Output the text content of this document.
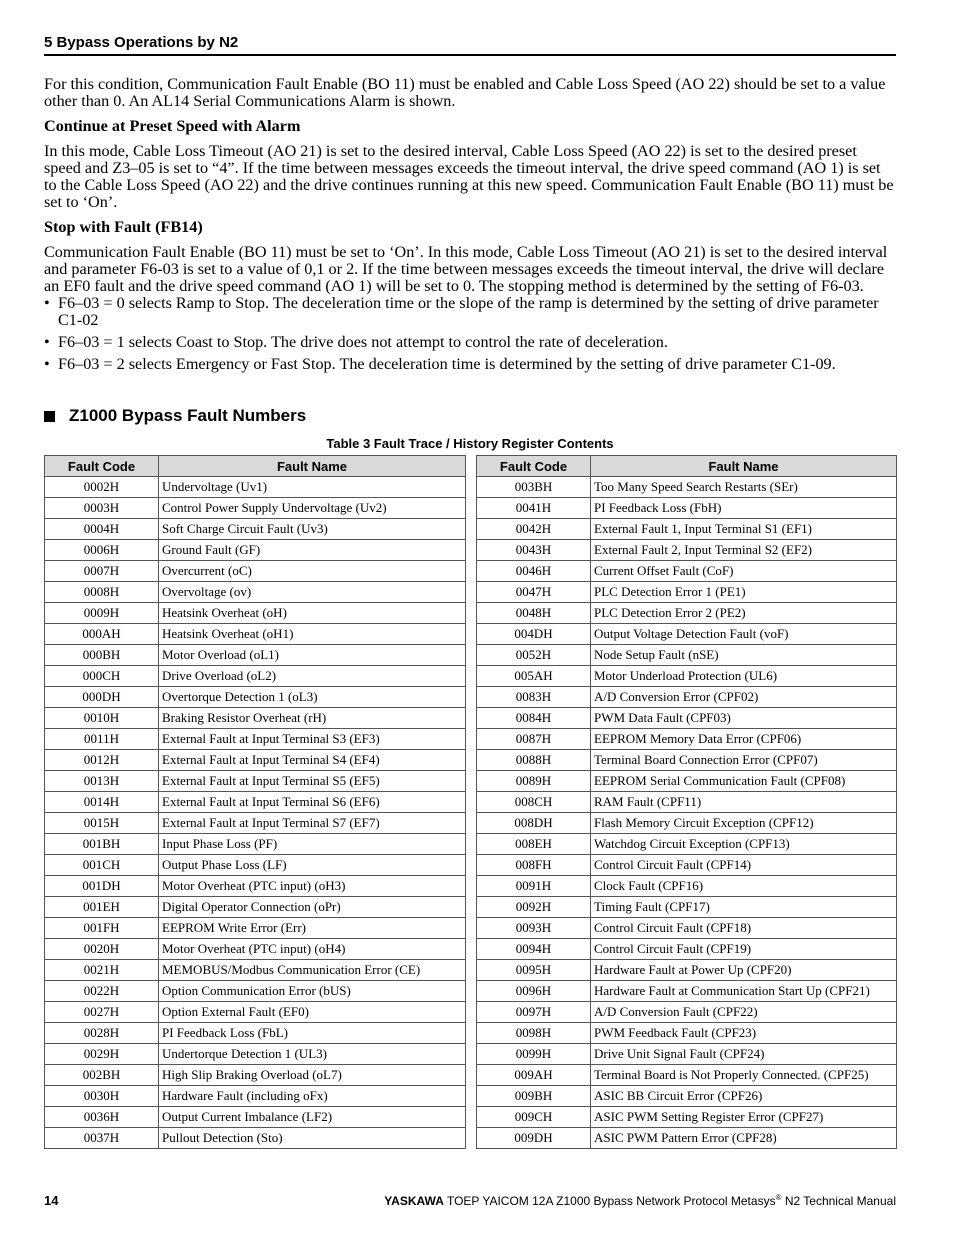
5 Bypass Operations by N2

For this condition, Communication Fault Enable (BO 11) must be enabled and Cable Loss Speed (AO 22) should be set to a value other than 0. An AL14 Serial Communications Alarm is shown.

Continue at Preset Speed with Alarm

In this mode, Cable Loss Timeout (AO 21) is set to the desired interval, Cable Loss Speed (AO 22) is set to the desired preset speed and Z3–05 is set to “4”. If the time between messages exceeds the timeout interval, the drive speed command (AO 1) is set to the Cable Loss Speed (AO 22) and the drive continues running at this new speed. Communication Fault Enable (BO 11) must be set to ‘On’.

Stop with Fault (FB14)

Communication Fault Enable (BO 11) must be set to ‘On’. In this mode, Cable Loss Timeout (AO 21) is set to the desired interval and parameter F6-03 is set to a value of 0,1 or 2. If the time between messages exceeds the timeout interval, the drive will declare an EF0 fault and the drive speed command (AO 1) will be set to 0. The stopping method is determined by the setting of F6-03.

• F6–03 = 0 selects Ramp to Stop. The deceleration time or the slope of the ramp is determined by the setting of drive parameter C1-02
• F6–03 = 1 selects Coast to Stop. The drive does not attempt to control the rate of deceleration.
• F6–03 = 2 selects Emergency or Fast Stop. The deceleration time is determined by the setting of drive parameter C1-09.
Z1000 Bypass Fault Numbers
Table 3 Fault Trace / History Register Contents
Fault Code	Fault Name
0002H	Undervoltage (Uv1)
0003H	Control Power Supply Undervoltage (Uv2)
0004H	Soft Charge Circuit Fault (Uv3)
0006H	Ground Fault (GF)
0007H	Overcurrent (oC)
0008H	Overvoltage (ov)
0009H	Heatsink Overheat (oH)
000AH	Heatsink Overheat (oH1)
000BH	Motor Overload (oL1)
000CH	Drive Overload (oL2)
000DH	Overtorque Detection 1 (oL3)
0010H	Braking Resistor Overheat (rH)
0011H	External Fault at Input Terminal S3 (EF3)
0012H	External Fault at Input Terminal S4 (EF4)
0013H	External Fault at Input Terminal S5 (EF5)
0014H	External Fault at Input Terminal S6 (EF6)
0015H	External Fault at Input Terminal S7 (EF7)
001BH	Input Phase Loss (PF)
001CH	Output Phase Loss (LF)
001DH	Motor Overheat (PTC input) (oH3)
001EH	Digital Operator Connection (oPr)
001FH	EEPROM Write Error (Err)
0020H	Motor Overheat (PTC input) (oH4)
0021H	MEMOBUS/Modbus Communication Error (CE)
0022H	Option Communication Error (bUS)
0027H	Option External Fault (EF0)
0028H	PI Feedback Loss (FbL)
0029H	Undertorque Detection 1 (UL3)
002BH	High Slip Braking Overload (oL7)
0030H	Hardware Fault (including oFx)
0036H	Output Current Imbalance (LF2)
0037H	Pullout Detection (Sto)
Fault Code	Fault Name
003BH	Too Many Speed Search Restarts (SEr)
0041H	PI Feedback Loss (FbH)
0042H	External Fault 1, Input Terminal S1 (EF1)
0043H	External Fault 2, Input Terminal S2 (EF2)
0046H	Current Offset Fault (CoF)
0047H	PLC Detection Error 1 (PE1)
0048H	PLC Detection Error 2 (PE2)
004DH	Output Voltage Detection Fault (voF)
0052H	Node Setup Fault (nSE)
005AH	Motor Underload Protection (UL6)
0083H	A/D Conversion Error (CPF02)
0084H	PWM Data Fault (CPF03)
0087H	EEPROM Memory Data Error (CPF06)
0088H	Terminal Board Connection Error (CPF07)
0089H	EEPROM Serial Communication Fault (CPF08)
008CH	RAM Fault (CPF11)
008DH	Flash Memory Circuit Exception (CPF12)
008EH	Watchdog Circuit Exception (CPF13)
008FH	Control Circuit Fault (CPF14)
0091H	Clock Fault (CPF16)
0092H	Timing Fault (CPF17)
0093H	Control Circuit Fault (CPF18)
0094H	Control Circuit Fault (CPF19)
0095H	Hardware Fault at Power Up (CPF20)
0096H	Hardware Fault at Communication Start Up (CPF21)
0097H	A/D Conversion Fault (CPF22)
0098H	PWM Feedback Fault (CPF23)
0099H	Drive Unit Signal Fault (CPF24)
009AH	Terminal Board is Not Properly Connected. (CPF25)
009BH	ASIC BB Circuit Error (CPF26)
009CH	ASIC PWM Setting Register Error (CPF27)
009DH	ASIC PWM Pattern Error (CPF28)
14	YASKAWA TOEP YAICOM 12A Z1000 Bypass Network Protocol Metasys® N2 Technical Manual
